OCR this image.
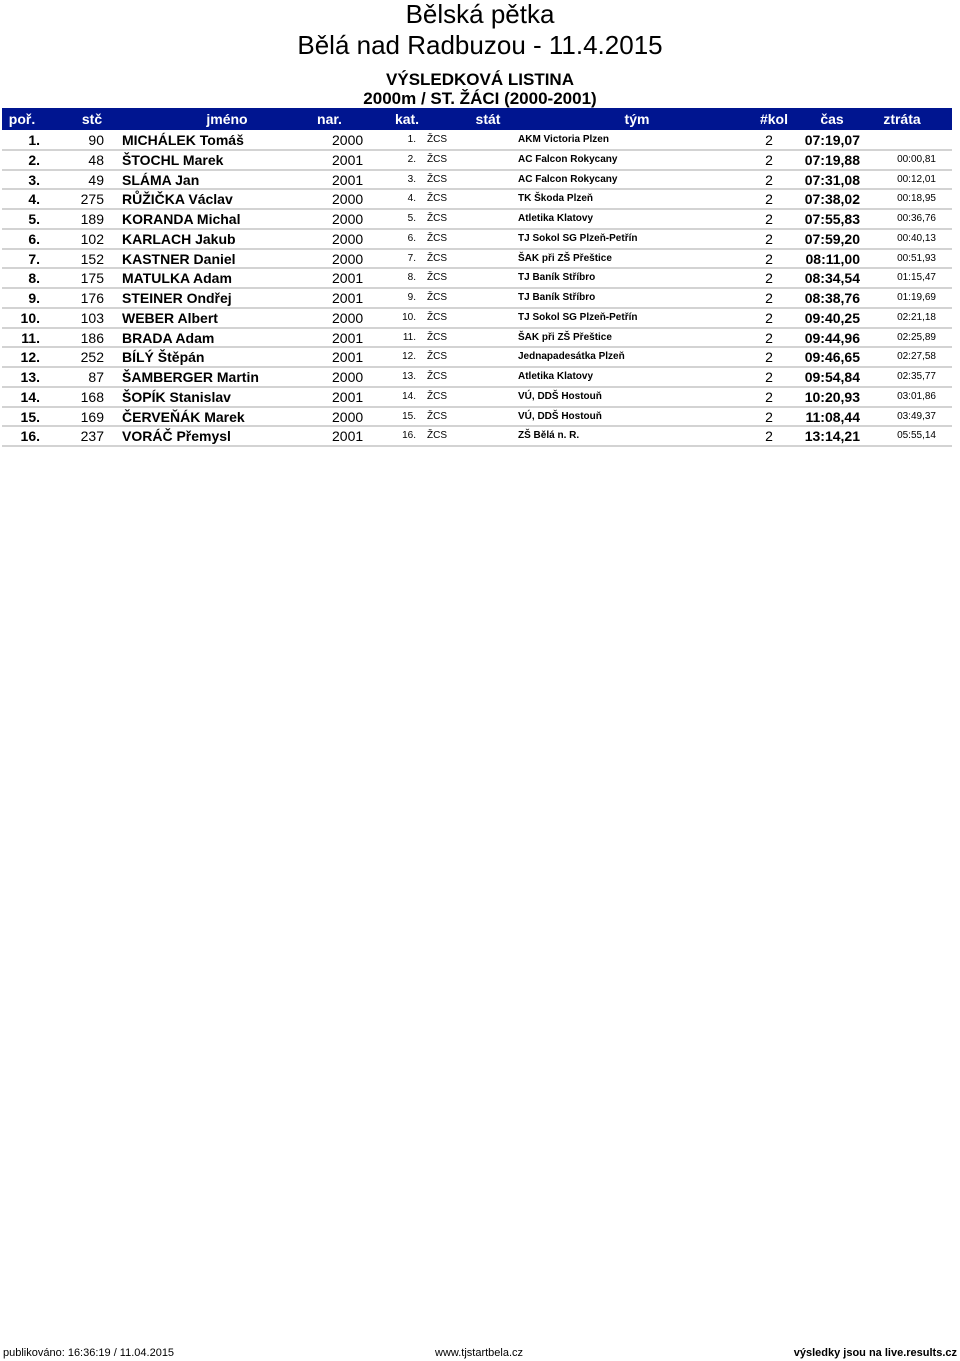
Bělská pětka
Bělá nad Radbuzou - 11.4.2015
VÝSLEDKOVÁ LISTINA
2000m / ST. ŽÁCI (2000-2001)
poř.	stč	jméno	nar.	kat.	stát	tým	#kol	čas	ztráta
1.	90 MICHÁLEK Tomáš	2000	1. ŽCS	AKM Victoria Plzen	2	07:19,07
2.	48 ŠTOCHL Marek	2001	2. ŽCS	AC Falcon Rokycany	2	07:19,88	00:00,81
3.	49 SLÁMA Jan	2001	3. ŽCS	AC Falcon Rokycany	2	07:31,08	00:12,01
4.	275 RŮŽIČKA Václav	2000	4. ŽCS	TK Škoda Plzeň	2	07:38,02	00:18,95
5.	189 KORANDA Michal	2000	5. ŽCS	Atletika Klatovy	2	07:55,83	00:36,76
6.	102 KARLACH Jakub	2000	6. ŽCS	TJ Sokol SG Plzeň-Petřín	2	07:59,20	00:40,13
7.	152 KASTNER Daniel	2000	7. ŽCS	ŠAK při ZŠ Přeštice	2	08:11,00	00:51,93
8.	175 MATULKA Adam	2001	8. ŽCS	TJ Baník Stříbro	2	08:34,54	01:15,47
9.	176 STEINER Ondřej	2001	9. ŽCS	TJ Baník Stříbro	2	08:38,76	01:19,69
10.	103 WEBER Albert	2000	10. ŽCS	TJ Sokol SG Plzeň-Petřín	2	09:40,25	02:21,18
11.	186 BRADA Adam	2001	11. ŽCS	ŠAK při ZŠ Přeštice	2	09:44,96	02:25,89
12.	252 BÍLÝ Štěpán	2001	12. ŽCS	Jednapadesátka Plzeň	2	09:46,65	02:27,58
13.	87 ŠAMBERGER Martin	2000	13. ŽCS	Atletika Klatovy	2	09:54,84	02:35,77
14.	168 ŠOPÍK Stanislav	2001	14. ŽCS	VÚ, DDŠ Hostouň	2	10:20,93	03:01,86
15.	169 ČERVEŇÁK Marek	2000	15. ŽCS	VÚ, DDŠ Hostouň	2	11:08,44	03:49,37
16.	237 VORÁČ Přemysl	2001	16. ŽCS	ZŠ Bělá n. R.	2	13:14,21	05:55,14
publikováno: 16:36:19 / 11.04.2015	www.tjstartbela.cz	výsledky jsou na live.results.cz
